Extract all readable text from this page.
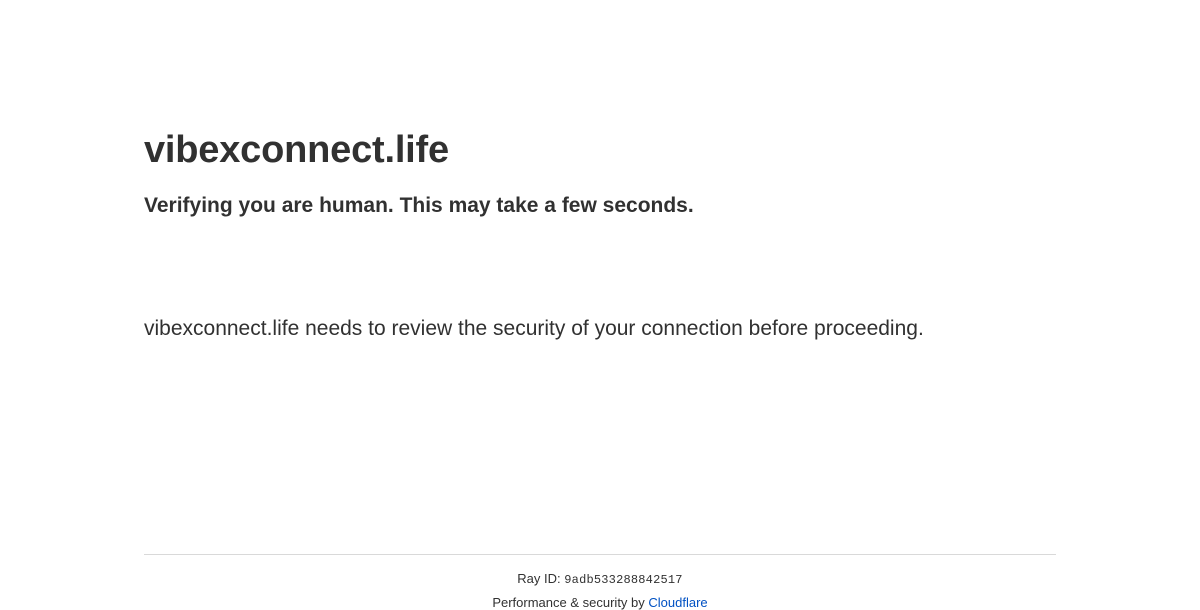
vibexconnect.life
Verifying you are human. This may take a few seconds.

vibexconnect.life needs to review the security of your connection before proceeding.

Ray ID: 9adb533288842517
Performance & security by Cloudflare
